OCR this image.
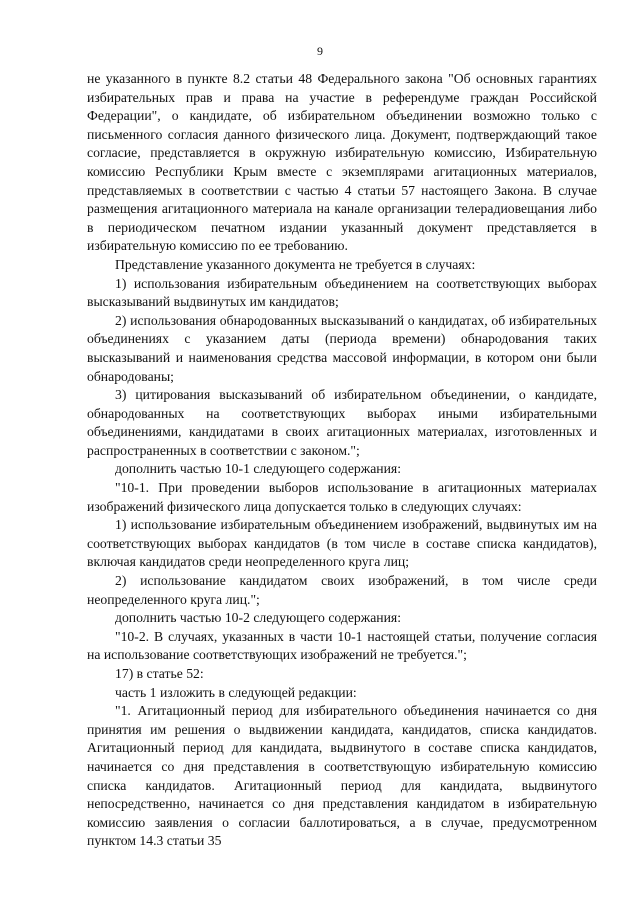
9

не указанного в пункте 8.2 статьи 48 Федерального закона "Об основных гарантиях избирательных прав и права на участие в референдуме граждан Российской Федерации", о кандидате, об избирательном объединении возможно только с письменного согласия данного физического лица. Документ, подтверждающий такое согласие, представляется в окружную избирательную комиссию, Избирательную комиссию Республики Крым вместе с экземплярами агитационных материалов, представляемых в соответствии с частью 4 статьи 57 настоящего Закона. В случае размещения агитационного материала на канале организации телерадиовещания либо в периодическом печатном издании указанный документ представляется в избирательную комиссию по ее требованию.

Представление указанного документа не требуется в случаях:

1) использования избирательным объединением на соответствующих выборах высказываний выдвинутых им кандидатов;

2) использования обнародованных высказываний о кандидатах, об избирательных объединениях с указанием даты (периода времени) обнародования таких высказываний и наименования средства массовой информации, в котором они были обнародованы;

3) цитирования высказываний об избирательном объединении, о кандидате, обнародованных на соответствующих выборах иными избирательными объединениями, кандидатами в своих агитационных материалах, изготовленных и распространенных в соответствии с законом.";

дополнить частью 10-1 следующего содержания:

"10-1. При проведении выборов использование в агитационных материалах изображений физического лица допускается только в следующих случаях:

1) использование избирательным объединением изображений, выдвинутых им на соответствующих выборах кандидатов (в том числе в составе списка кандидатов), включая кандидатов среди неопределенного круга лиц;

2) использование кандидатом своих изображений, в том числе среди неопределенного круга лиц.";

дополнить частью 10-2 следующего содержания:

"10-2. В случаях, указанных в части 10-1 настоящей статьи, получение согласия на использование соответствующих изображений не требуется.";

17) в статье 52:

часть 1 изложить в следующей редакции:

"1. Агитационный период для избирательного объединения начинается со дня принятия им решения о выдвижении кандидата, кандидатов, списка кандидатов. Агитационный период для кандидата, выдвинутого в составе списка кандидатов, начинается со дня представления в соответствующую избирательную комиссию списка кандидатов. Агитационный период для кандидата, выдвинутого непосредственно, начинается со дня представления кандидатом в избирательную комиссию заявления о согласии баллотироваться, а в случае, предусмотренном пунктом 14.3 статьи 35
